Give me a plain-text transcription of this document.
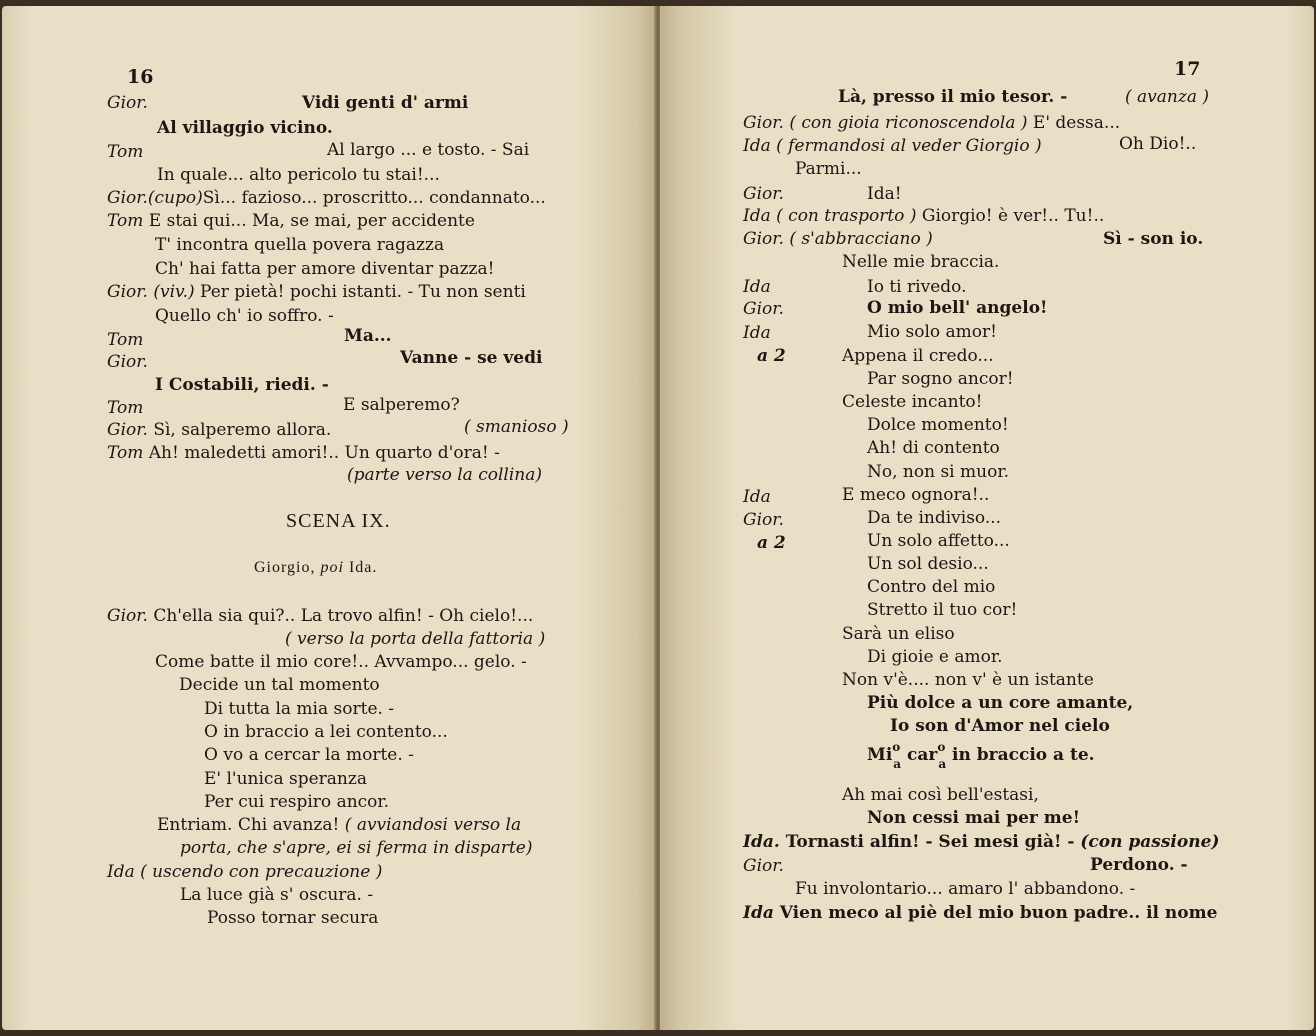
16
Gior.	Vidi genti d' armi
Al villaggio vicino.
Tom	Al largo ... e tosto. - Sai
In quale... alto pericolo tu stai!...
Gior.(cupo)Sì... fazioso... proscritto... condannato...
Tom E stai qui... Ma, se mai, per accidente
T' incontra quella povera ragazza
Ch' hai fatta per amore diventar pazza!
Gior. (viv.) Per pietà! pochi istanti. - Tu non senti
Quello ch' io soffro. -
Tom	Ma...
Gior.	Vanne - se vedi
I Costabili, riedi. -
Tom	E salperemo?
Gior. Sì, salperemo allora.	( smanioso )
Tom Ah! maledetti amori!.. Un quarto d'ora! -
(parte verso la collina)
SCENA IX.
Giorgio, poi Ida.
Gior. Ch'ella sia qui?.. La trovo alfin! - Oh cielo!...
( verso la porta della fattoria )
Come batte il mio core!.. Avvampo... gelo. -
Decide un tal momento
Di tutta la mia sorte. -
O in braccio a lei contento...
O vo a cercar la morte. -
E' l'unica speranza
Per cui respiro ancor.
Entriam. Chi avanza! ( avviandosi verso la
porta, che s'apre, ei si ferma in disparte)
Ida ( uscendo con precauzione )
La luce già s' oscura. -
Posso tornar secura
17
Là, presso il mio tesor. -	( avanza )
Gior. ( con gioia riconoscendola ) E' dessa...
Ida ( fermandosi al veder Giorgio )	Oh Dio!..
Parmi...
Gior.	Ida!
Ida ( con trasporto ) Giorgio! è ver!.. Tu!..
Gior. ( s'abbracciano )	Sì - son io.
Nelle mie braccia.
Ida	Io ti rivedo.
Gior.	O mio bell' angelo!
Ida	Mio solo amor!
a 2	Appena il credo...
Par sogno ancor!
Celeste incanto!
Dolce momento!
Ah! di contento
No, non si muor.
Ida	E meco ognora!..
Gior.	Da te indiviso...
a 2	Un solo affetto...
Un sol desio...
Contro del mio
Stretto il tuo cor!
Sarà un eliso
Di gioie e amor.
Non v'è.... non v' è un istante
Più dolce a un core amante,
Io son d'Amor nel cielo
$Mi^o_a$ car$^o_a$ in braccio a te.
Ah mai così bell'estasi,
Non cessi mai per me!
Ida. Tornasti alfin! - Sei mesi già! - (con passione)
Gior.	Perdono. -
Fu involontario... amaro l' abbandono. -
Ida Vien meco al piè del mio buon padre.. il nome
